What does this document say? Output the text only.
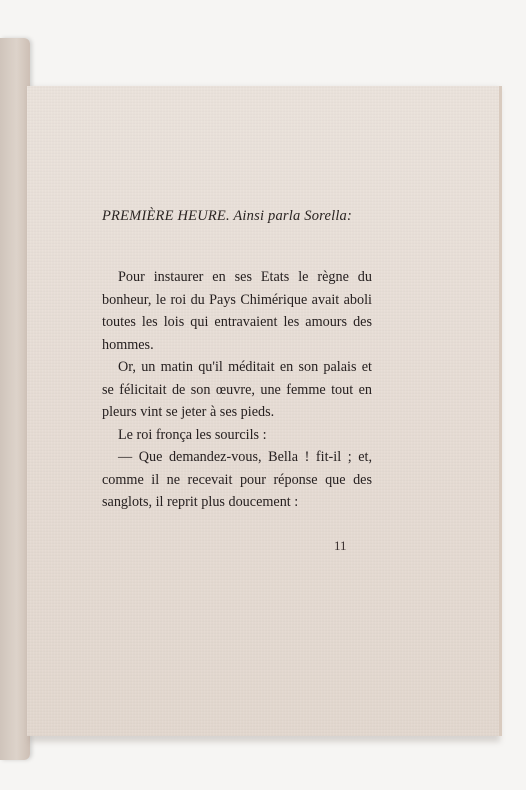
PREMIÈRE HEURE. Ainsi parla Sorella:

Pour instaurer en ses Etats le règne du bonheur, le roi du Pays Chimérique avait aboli toutes les lois qui entravaient les amours des hommes.

Or, un matin qu'il méditait en son palais et se félicitait de son œuvre, une femme tout en pleurs vint se jeter à ses pieds.

Le roi fronça les sourcils :

— Que demandez-vous, Bella ! fit-il ; et, comme il ne recevait pour réponse que des sanglots, il reprit plus doucement :

11
